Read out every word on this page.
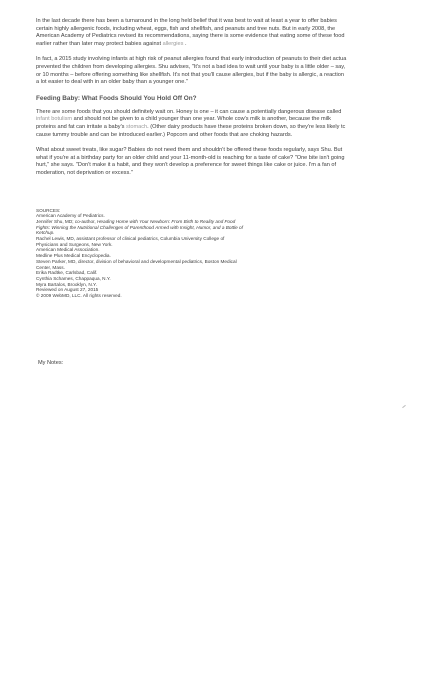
In the last decade there has been a turnaround in the long held belief that it was best to wait at least a year to offer babies
certain highly allergenic foods, including wheat, eggs, fish and shellfish, and peanuts and tree nuts. But in early 2008, the
American Academy of Pediatrics revised its recommendations, saying there is some evidence that eating some of these food
earlier rather than later may protect babies against allergies .

In fact, a 2015 study involving infants at high risk of peanut allergies found that early introduction of peanuts to their diet actua
prevented the children from developing allergies. Shu advises, "It's not a bad idea to wait until your baby is a little older – say,
or 10 months – before offering something like shellfish. It's not that you'll cause allergies, but if the baby is allergic, a reaction
a lot easier to deal with in an older baby than a younger one."

Feeding Baby: What Foods Should You Hold Off On?

There are some foods that you should definitely wait on. Honey is one – it can cause a potentially dangerous disease called
infant botulism and should not be given to a child younger than one year. Whole cow's milk is another, because the milk
proteins and fat can irritate a baby's stomach. (Other dairy products have these proteins broken down, so they're less likely tc
cause tummy trouble and can be introduced earlier.) Popcorn and other foods that are choking hazards.

What about sweet treats, like sugar? Babies do not need them and shouldn't be offered these foods regularly, says Shu. But
what if you're at a birthday party for an older child and your 11-month-old is reaching for a taste of cake? "One bite isn't going
hurt," she says. "Don't make it a habit, and they won't develop a preference for sweet things like cake or juice. I'm a fan of
moderation, not deprivation or excess."

SOURCES:
American Academy of Pediatrics.
Jennifer Shu, MD; co-author, Heading Home with Your Newborn: From Birth to Reality and Food
Fights: Winning the Nutritional Challenges of Parenthood Armed with Insight, Humor, and a Bottle of
Ketchup.
Rachel Lewis, MD, assistant professor of clinical pediatrics, Columbia University College of
Physicians and Surgeons, New York.
American Medical Association.
Medline Plus Medical Encyclopedia.
Steven Parker, MD, director, division of behavioral and developmental pediatrics, Boston Medical
Center, Mass.
Erika Radtke, Carlsbad, Calif.
Cynthia Schames, Chappaqua, N.Y.
Myra Bartalos, Brooklyn, N.Y.
Reviewed on August 27, 2015
© 2009 WebMD, LLC. All rights reserved.
My Notes:
